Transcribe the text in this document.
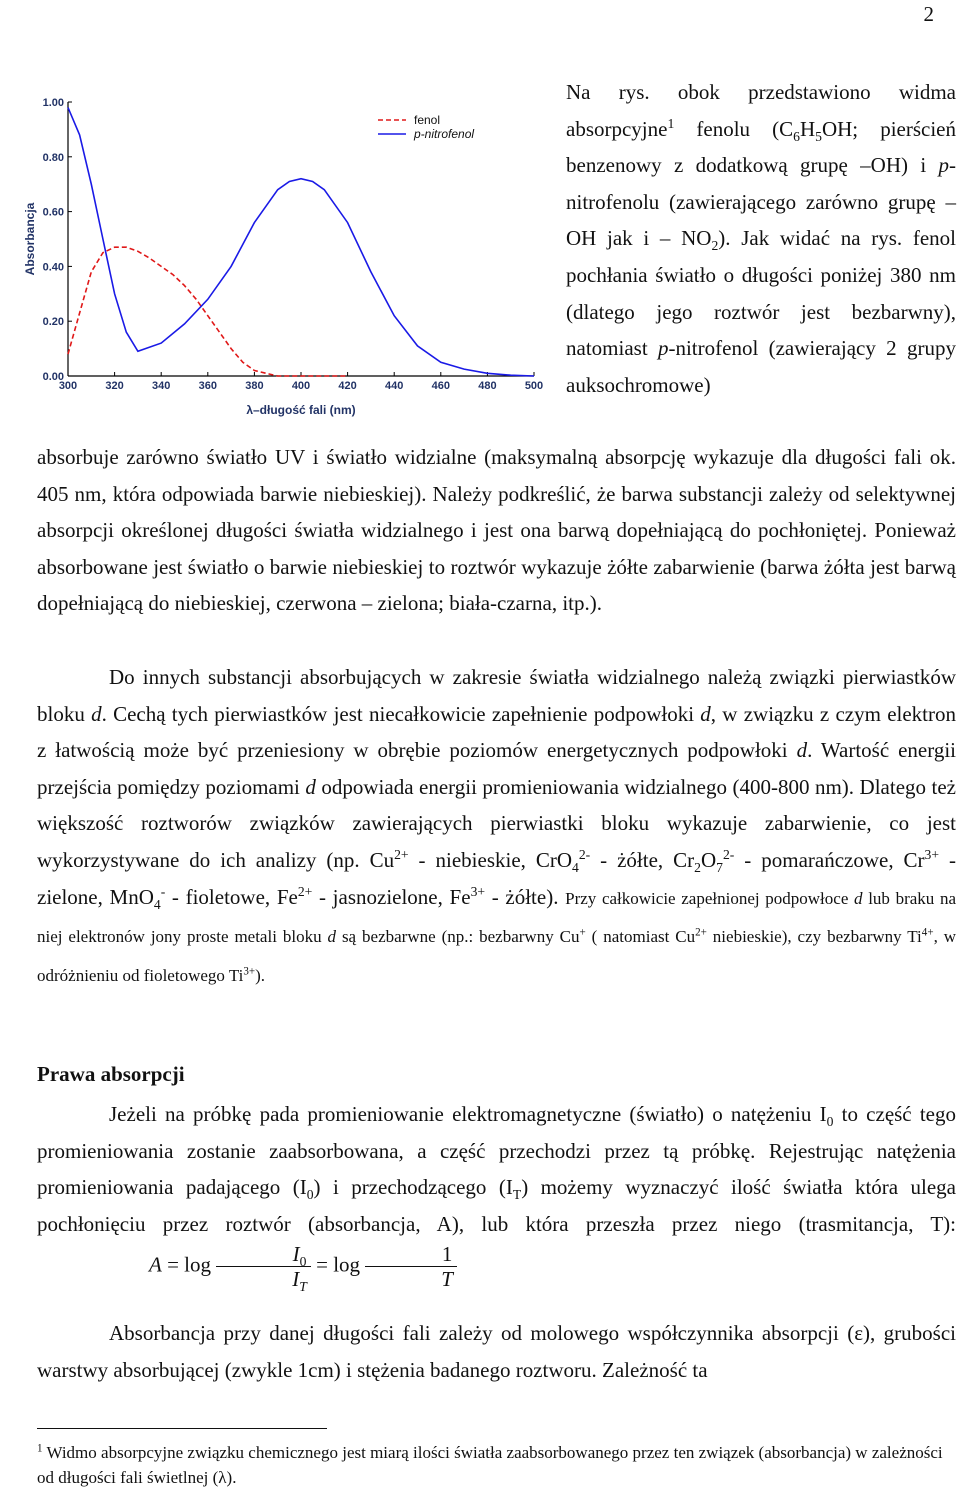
2
0.00
0.20
0.40
0.60
0.80
1.00
300	320	340	360	380	400	420	440	460	480	500
λ–długość fali (nm)
Absorbancja
fenol
p-nitrofenol
Na rys. obok przedstawiono widma absorpcyjne$^1$ fenolu ($C_6H_5OH$; pierścień benzenowy z dodatkową grupę –OH) i p-nitrofenolu (zawierającego zarówno grupę –OH jak i – $NO_2$). Jak widać na rys. fenol pochłania światło o długości poniżej 380 nm (dlatego jego roztwór jest bezbarwny), natomiast p-nitrofenol (zawierający 2 grupy auksochromowe)

absorbuje zarówno światło UV i światło widzialne (maksymalną absorpcję wykazuje dla długości fali ok. 405 nm, która odpowiada barwie niebieskiej). Należy podkreślić, że barwa substancji zależy od selektywnej absorpcji określonej długości światła widzialnego i jest ona barwą dopełniającą do pochłoniętej. Ponieważ absorbowane jest światło o barwie niebieskiej to roztwór wykazuje żółte zabarwienie (barwa żółta jest barwą dopełniającą do niebieskiej, czerwona – zielona; biała-czarna, itp.).

Do innych substancji absorbujących w zakresie światła widzialnego należą związki pierwiastków bloku d. Cechą tych pierwiastków jest niecałkowicie zapełnienie podpowłoki d, w związku z czym elektron z łatwością może być przeniesiony w obrębie poziomów energetycznych podpowłoki d. Wartość energii przejścia pomiędzy poziomami d odpowiada energii promieniowania widzialnego (400-800 nm). Dlatego też większość roztworów związków zawierających pierwiastki bloku wykazuje zabarwienie, co jest wykorzystywane do ich analizy (np. $Cu^{2+}$ - niebieskie, CrO$_4^{2-}$ - żółte, $Cr_2O_7^{2-}$ - pomarańczowe, $Cr^{3+}$ - zielone, MnO$_4$- - fioletowe, $Fe^{2+}$ - jasnozielone, $Fe^{3+}$ - żółte). Przy całkowicie zapełnionej podpowłoce d lub braku na niej elektronów jony proste metali bloku d są bezbarwne (np.: bezbarwny Cu+ ( natomiast $Cu^{2+}$ niebieskie), czy bezbarwny $Ti^{4+}$, w odróżnieniu od fioletowego $Ti^{3+}$).

Prawa absorpcji

Jeżeli na próbkę pada promieniowanie elektromagnetyczne (światło) o natężeniu $I_0$ to część tego promieniowania zostanie zaabsorbowana, a część przechodzi przez tą próbkę. Rejestrując natężenia promieniowania padającego $(I_0)$ i przechodzącego $(I_T)$ możemy wyznaczyć ilość światła która ulega pochłonięciu przez roztwór (absorbancja, A), lub która przeszła przez niego (trasmitancja, T):A = $\log \frac{I_0}{I_T} = \log \frac{1}{T}$

Absorbancja przy danej długości fali zależy od molowego współczynnika absorpcji (ε), grubości warstwy absorbującej (zwykle 1cm) i stężenia badanego roztworu. Zależność ta

$^1$ Widmo absorpcyjne związku chemicznego jest miarą ilości światła zaabsorbowanego przez ten związek (absorbancja) w zależności od długości fali świetlnej (λ).
